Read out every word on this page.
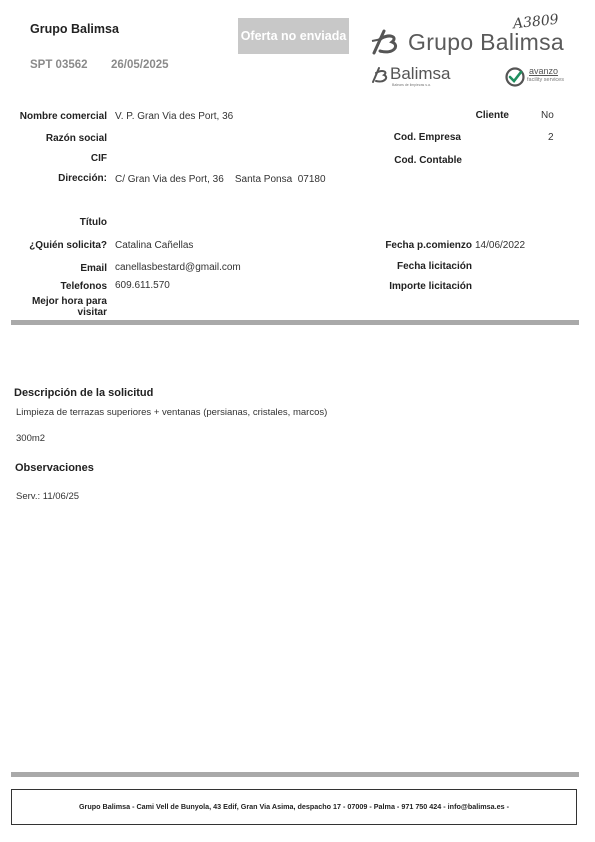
Grupo Balimsa
SPT 03562 26/05/2025
Oferta no enviada	Grupo Balimsa
A3809
Balimsa
Balears de limpiezas s.a.
avanzo
facility services
Nombre comercial V. P. Gran Via des Port, 36
Razón social
CIF
Dirección: C/ Gran Via des Port, 36    Santa Ponsa  07180
Título
¿Quién solicita? Catalina Cañellas
Email canellasbestard@gmail.com
Telefonos 609.611.570
Mejor hora para
visitar
Cliente	No
Cod. Empresa	2
Cod. Contable
Fecha p.comienzo 14/06/2022
Fecha licitación
Importe licitación
Descripción de la solicitud
Limpieza de terrazas superiores + ventanas (persianas, cristales, marcos)
300m2
Observaciones
Serv.: 11/06/25
Grupo Balimsa - Cami Vell de Bunyola, 43 Edif, Gran Via Asima, despacho 17 - 07009 - Palma - 971 750 424 - info@balimsa.es -
